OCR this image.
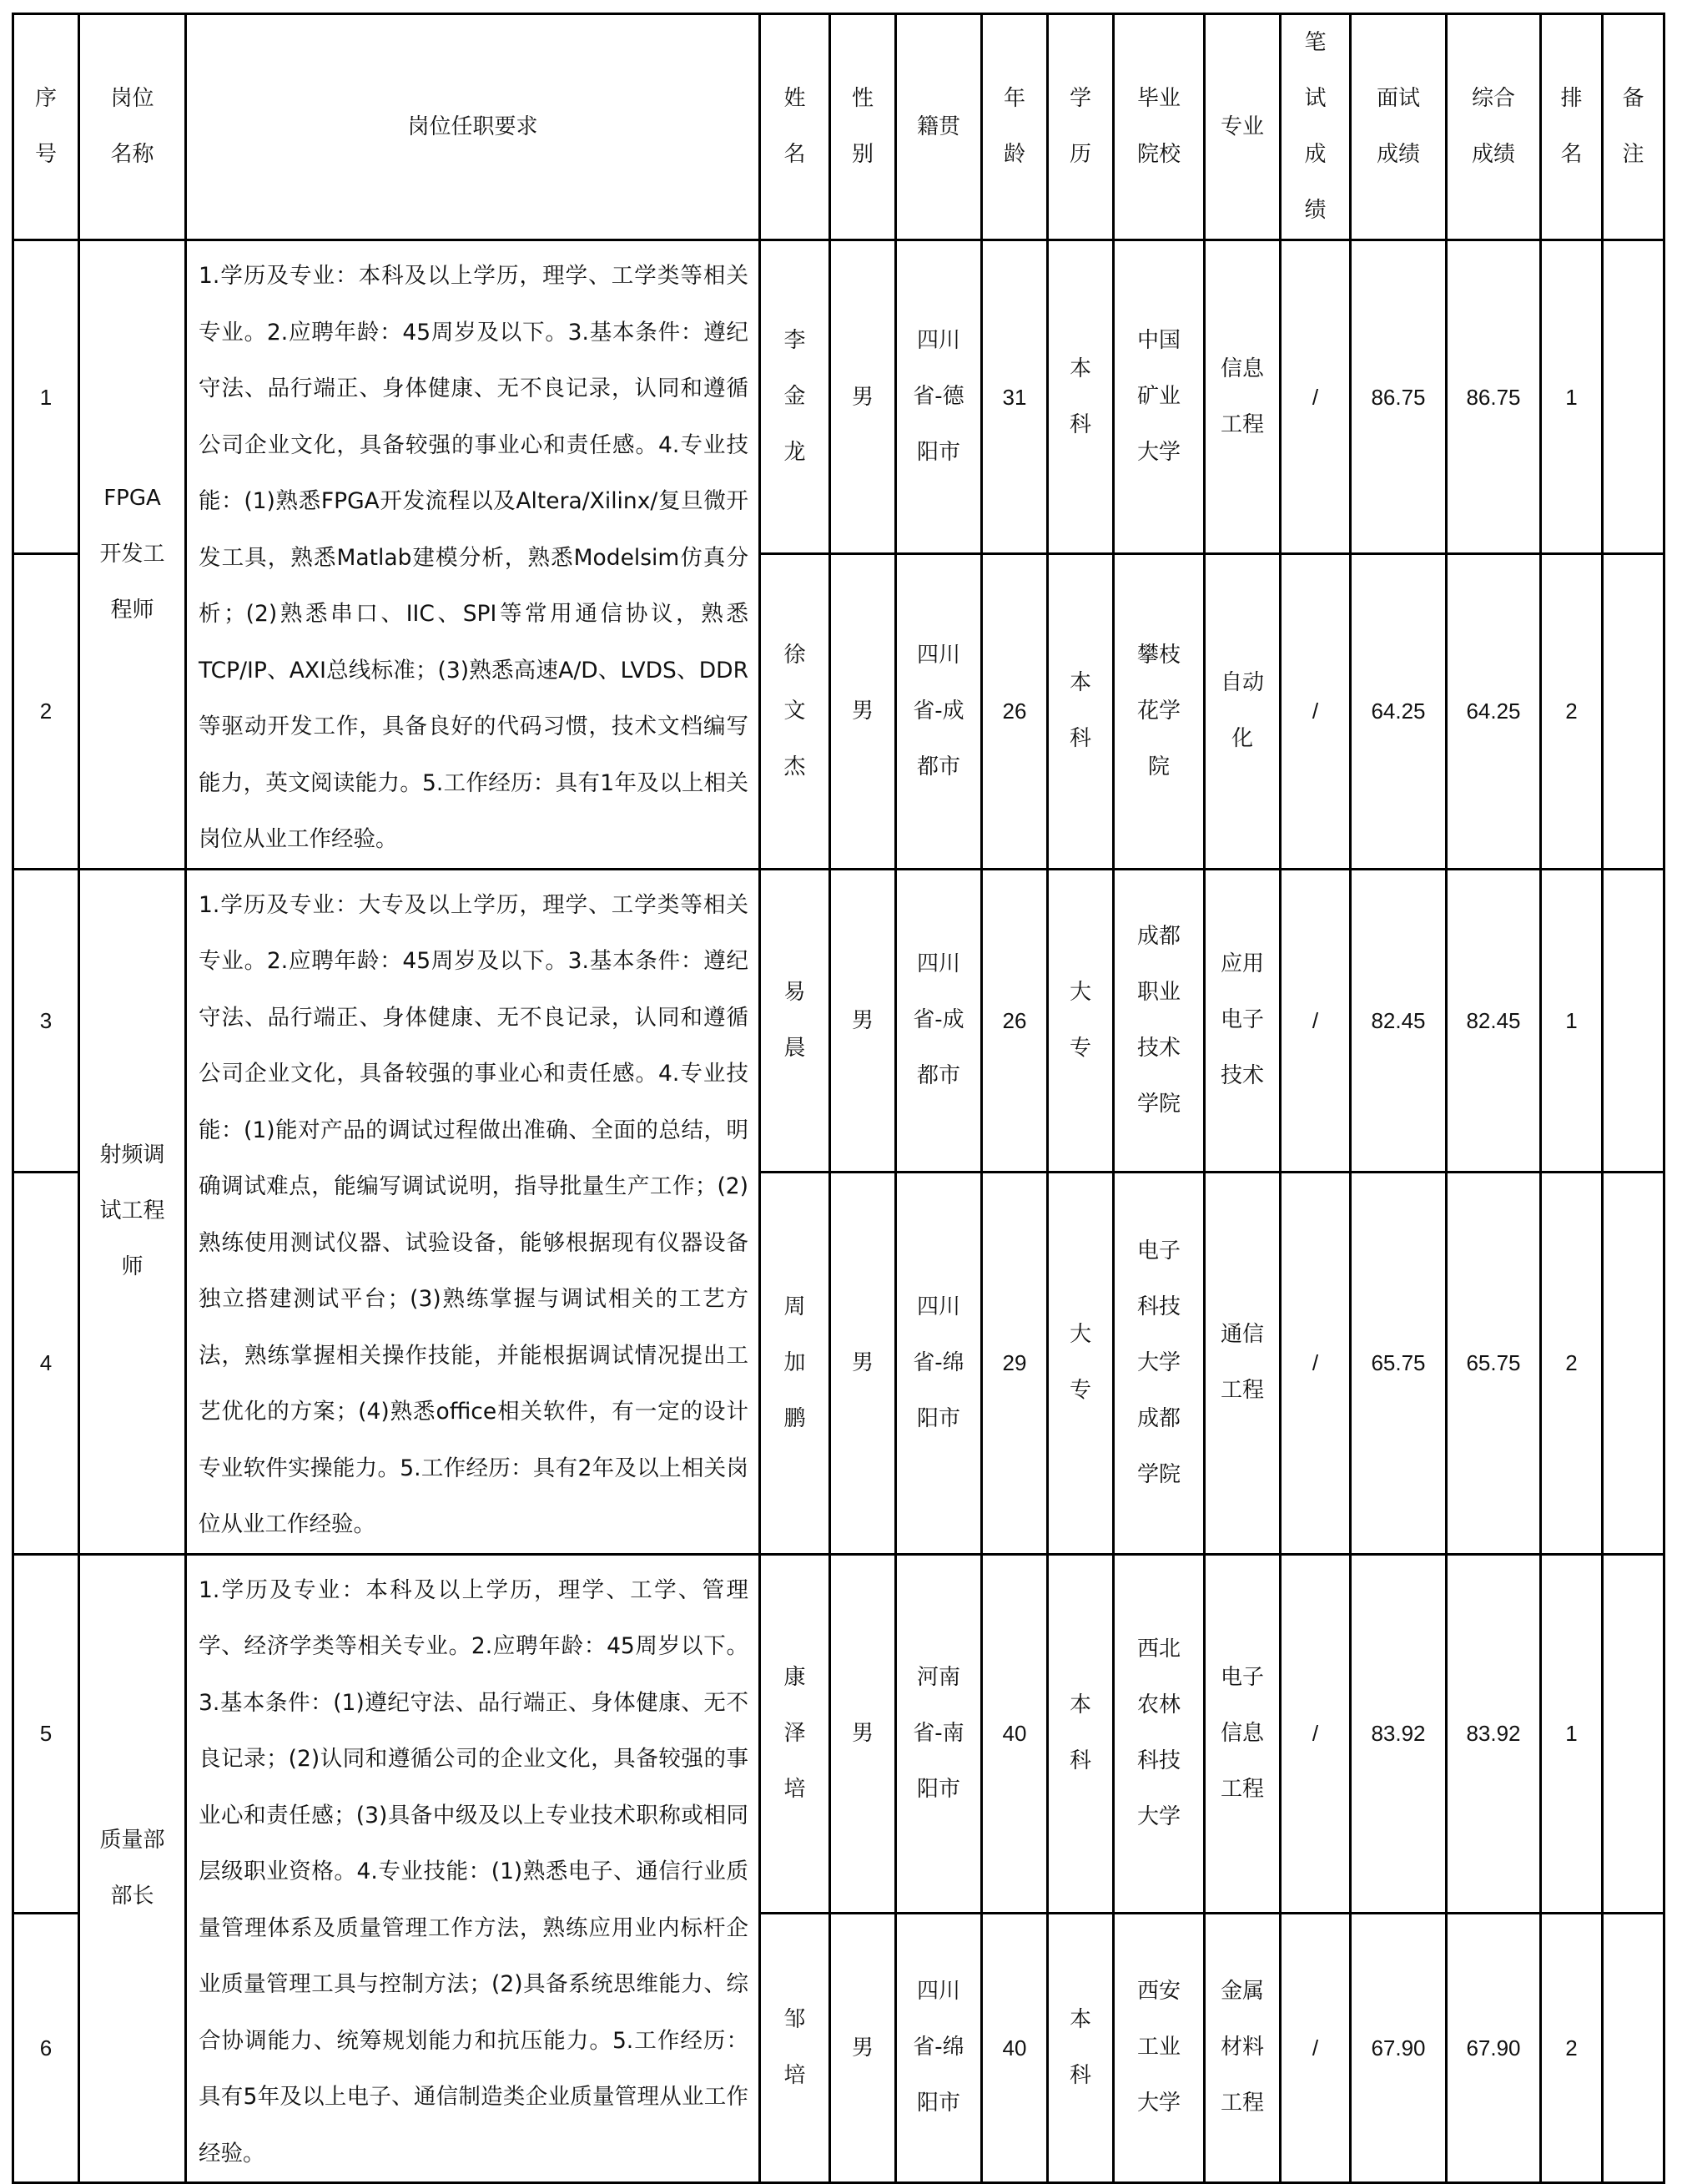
序号	岗位名称	岗位任职要求	姓名	性别	籍贯	年龄	学历	毕业院校	专业	笔试成绩	面试成绩	综合成绩	排名	备注
1	FPGA开发工程师	1.学历及专业：本科及以上学历，理学、工学类等相关专业。2.应聘年龄：45周岁及以下。3.基本条件：遵纪守法、品行端正、身体健康、无不良记录，认同和遵循公司企业文化，具备较强的事业心和责任感。4.专业技能：(1)熟悉FPGA开发流程以及Altera/Xilinx/复旦微开发工具，熟悉Matlab建模分析，熟悉Modelsim仿真分析；(2)熟悉串口、IIC、SPI等常用通信协议，熟悉TCP/IP、AXI总线标准；(3)熟悉高速A/D、LVDS、DDR等驱动开发工作，具备良好的代码习惯，技术文档编写能力，英文阅读能力。5.工作经历：具有1年及以上相关岗位从业工作经验。	李金龙	男	四川省-德阳市	31	本科	中国矿业大学	信息工程	/	86.75	86.75	1	
2			徐文杰	男	四川省-成都市	26	本科	攀枝花学院	自动化	/	64.25	64.25	2	
3	射频调试工程师	1.学历及专业：大专及以上学历，理学、工学类等相关专业。2.应聘年龄：45周岁及以下。3.基本条件：遵纪守法、品行端正、身体健康、无不良记录，认同和遵循公司企业文化，具备较强的事业心和责任感。4.专业技能：(1)能对产品的调试过程做出准确、全面的总结，明确调试难点，能编写调试说明，指导批量生产工作；(2)熟练使用测试仪器、试验设备，能够根据现有仪器设备独立搭建测试平台；(3)熟练掌握与调试相关的工艺方法，熟练掌握相关操作技能，并能根据调试情况提出工艺优化的方案；(4)熟悉office相关软件，有一定的设计专业软件实操能力。5.工作经历：具有2年及以上相关岗位从业工作经验。	易晨	男	四川省-成都市	26	大专	成都职业技术学院	应用电子技术	/	82.45	82.45	1	
4			周加鹏	男	四川省-绵阳市	29	大专	电子科技大学成都学院	通信工程	/	65.75	65.75	2	
5	质量部部长	1.学历及专业：本科及以上学历，理学、工学、管理学、经济学类等相关专业。2.应聘年龄：45周岁以下。3.基本条件：(1)遵纪守法、品行端正、身体健康、无不良记录；(2)认同和遵循公司的企业文化，具备较强的事业心和责任感；(3)具备中级及以上专业技术职称或相同层级职业资格。4.专业技能：(1)熟悉电子、通信行业质量管理体系及质量管理工作方法，熟练应用业内标杆企业质量管理工具与控制方法；(2)具备系统思维能力、综合协调能力、统筹规划能力和抗压能力。5.工作经历：具有5年及以上电子、通信制造类企业质量管理从业工作经验。	康泽培	男	河南省-南阳市	40	本科	西北农林科技大学	电子信息工程	/	83.92	83.92	1	
6			邹培	男	四川省-绵阳市	40	本科	西安工业大学	金属材料工程	/	67.90	67.90	2	
